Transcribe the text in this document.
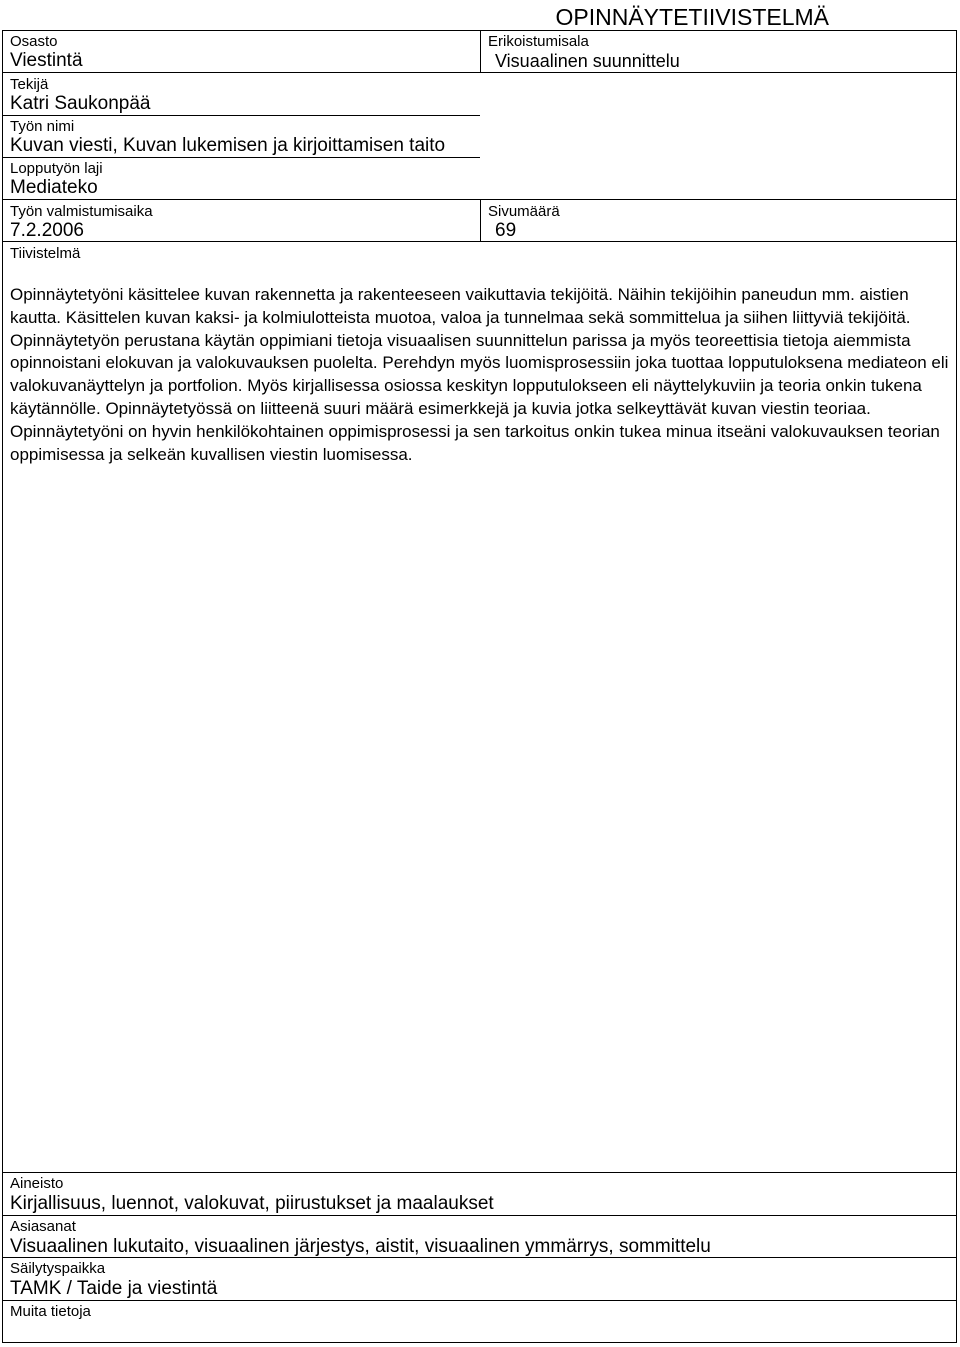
OPINNÄYTETIIVISTELMÄ
Osasto
Viestintä
Erikoistumisala
Visuaalinen suunnittelu
Tekijä
Katri Saukonpää
Työn nimi
Kuvan viesti, Kuvan lukemisen ja kirjoittamisen taito
Lopputyön laji
Mediateko
Työn valmistumisaika
7.2.2006
Sivumäärä
69
Tiivistelmä

Opinnäytetyöni käsittelee kuvan rakennetta ja rakenteeseen vaikuttavia tekijöitä. Näihin tekijöihin paneudun mm. aistien kautta. Käsittelen kuvan kaksi- ja kolmiulotteista muotoa, valoa ja tunnelmaa sekä sommittelua ja siihen liittyviä tekijöitä.

Opinnäytetyön perustana käytän oppimiani tietoja visuaalisen suunnittelun parissa ja myös teoreettisia tietoja aiemmista opinnoistani elokuvan ja valokuvauksen puolelta. Perehdyn myös luomisprosessiin joka tuottaa lopputuloksena mediateon eli valokuvanäyttelyn ja portfolion. Myös kirjallisessa osiossa keskityn lopputulokseen eli näyttelykuviin ja teoria onkin tukena käytännölle. Opinnäytetyössä on liitteenä suuri määrä esimerkkejä ja kuvia jotka selkeyttävät kuvan viestin teoriaa.

Opinnäytetyöni on hyvin henkilökohtainen oppimisprosessi ja sen tarkoitus onkin tukea minua itseäni valokuvauksen teorian oppimisessa ja selkeän kuvallisen viestin luomisessa.

Aineisto
Kirjallisuus, luennot, valokuvat, piirustukset ja maalaukset
Asiasanat
Visuaalinen lukutaito, visuaalinen järjestys, aistit, visuaalinen ymmärrys, sommittelu
Säilytyspaikka
TAMK / Taide ja viestintä
Muita tietoja
